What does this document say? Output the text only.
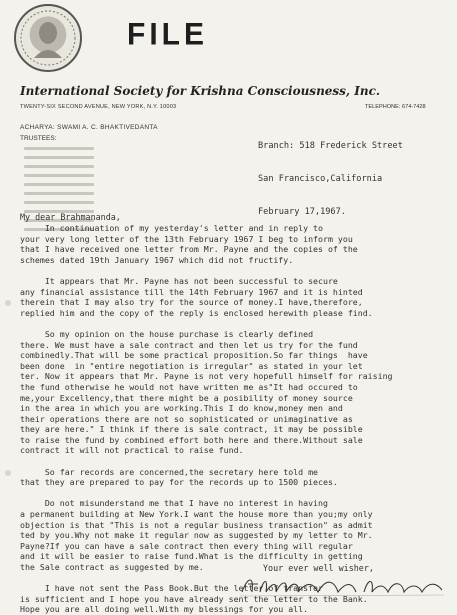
FILE
International Society for Krishna Consciousness, Inc.
TWENTY-SIX SECOND AVENUE, NEW YORK, N.Y. 10003	TELEPHONE: 674-7428
ACHARYA: SWAMI A. C. BHAKTIVEDANTA
TRUSTEES:

Branch: 518 Frederick Street

San Francisco,California

February 17,1967.

My dear Brahmananda,

In continuation of my yesterday's letter and in reply to

your very long letter of the 13th February 1967 I beg to inform you

that I have received one letter from Mr. Payne and the copies of the

schemes dated 19th January 1967 which did not fructify.

It appears that Mr. Payne has not been successful to secure

any financial assistance till the 14th February 1967 and it is hinted

therein that I may also try for the source of money.I have,therefore,

replied him and the copy of the reply is enclosed herewith please find.

So my opinion on the house purchase is clearly defined

there. We must have a sale contract and then let us try for the fund

combinedly.That will be some practical proposition.So far things  have

been done  in "entire negotiation is irregular" as stated in your let

ter. Now it appears that Mr. Payne is not very hopefull himself for raising

the fund otherwise he would not have written me as"It had occured to

me,your Excellency,that there might be a posibility of money source

in the area in which you are working.This I do know,money men and

their operations there are not so sophisticated or unimaginative as

they are here." I think if there is sale contract, it may be possible

to raise the fund by combined effort both here and there.Without sale

contract it will not practical to raise fund.

So far records are concerned,the secretary here told me

that they are prepared to pay for the records up to 1500 pieces.

Do not misunderstand me that I have no interest in having

a permanent building at New York.I want the house more than you;my only

objection is that "This is not a regular business transaction" as admit

ted by you.Why not make it regular now as suggested by my letter to Mr.

Payne?If you can have a sale contract then every thing will regular

and it will be easier to raise fund.What is the difficulty in getting

the Sale contract as suggested by me.

I have not sent the Pass Book.But the letter of transfer

is sufficient and I hope you have already sent the letter to the Bank.

Hope you are all doing well.With my blessings for you all.

Your ever well wisher,
